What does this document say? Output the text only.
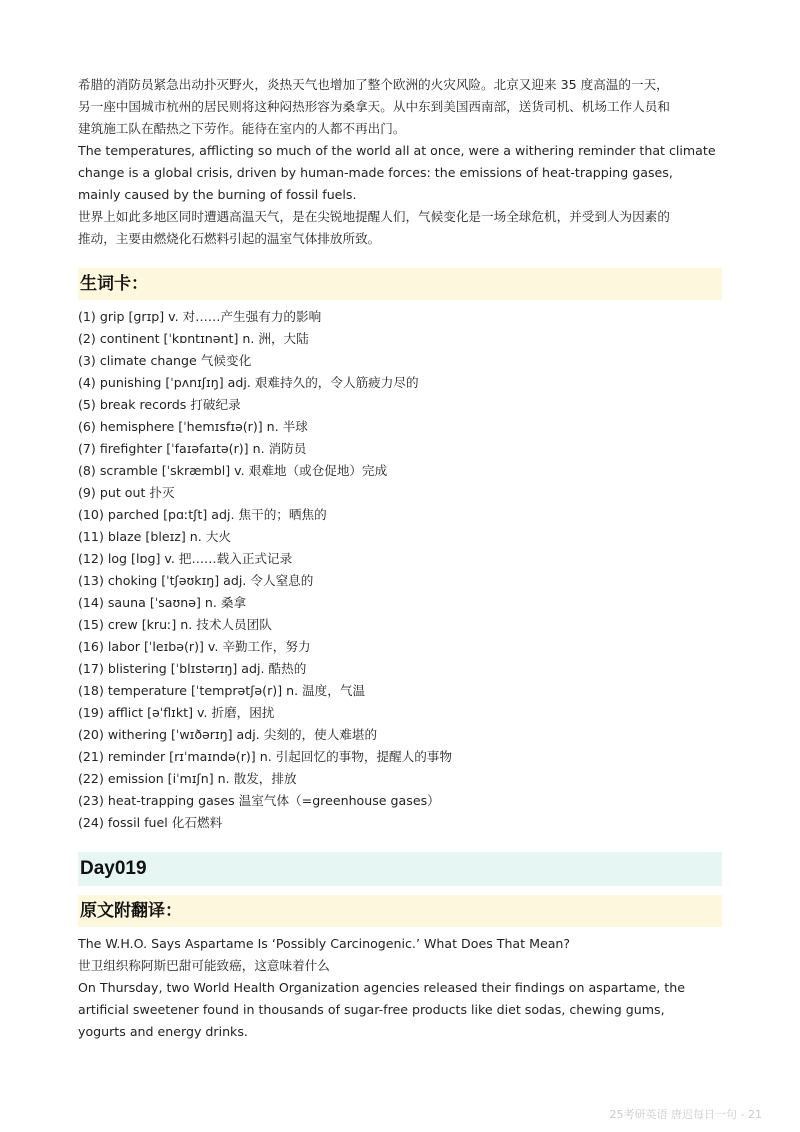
希腊的消防员紧急出动扑灭野火，炎热天气也增加了整个欧洲的火灾风险。北京又迎来 35 度高温的一天，
另一座中国城市杭州的居民则将这种闷热形容为桑拿天。从中东到美国西南部，送货司机、机场工作人员和
建筑施工队在酷热之下劳作。能待在室内的人都不再出门。

The temperatures, afflicting so much of the world all at once, were a withering reminder that climate
change is a global crisis, driven by human-made forces: the emissions of heat-trapping gases,
mainly caused by the burning of fossil fuels.

世界上如此多地区同时遭遇高温天气，是在尖锐地提醒人们，气候变化是一场全球危机，并受到人为因素的
推动，主要由燃烧化石燃料引起的温室气体排放所致。

生词卡：
(1) grip [ɡrɪp] v. 对……产生强有力的影响
(2) continent [ˈkɒntɪnənt] n. 洲，大陆
(3) climate change 气候变化
(4) punishing [ˈpʌnɪʃɪŋ] adj. 艰难持久的，令人筋疲力尽的
(5) break records 打破纪录
(6) hemisphere [ˈhemɪsfɪə(r)] n. 半球
(7) firefighter [ˈfaɪəfaɪtə(r)] n. 消防员
(8) scramble [ˈskræmbl] v. 艰难地（或仓促地）完成
(9) put out 扑灭
(10) parched [pɑːtʃt] adj. 焦干的；晒焦的
(11) blaze [bleɪz] n. 大火
(12) log [lɒɡ] v. 把……载入正式记录
(13) choking [ˈtʃəʊkɪŋ] adj. 令人窒息的
(14) sauna [ˈsaʊnə] n. 桑拿
(15) crew [kruː] n. 技术人员团队
(16) labor [ˈleɪbə(r)] v. 辛勤工作，努力
(17) blistering [ˈblɪstərɪŋ] adj. 酷热的
(18) temperature [ˈtemprətʃə(r)] n. 温度，气温
(19) afflict [əˈflɪkt] v. 折磨，困扰
(20) withering [ˈwɪðərɪŋ] adj. 尖刻的，使人难堪的
(21) reminder [rɪˈmaɪndə(r)] n. 引起回忆的事物，提醒人的事物
(22) emission [iˈmɪʃn] n. 散发，排放
(23) heat-trapping gases 温室气体（=greenhouse gases）
(24) fossil fuel 化石燃料
Day019
原文附翻译：

The W.H.O. Says Aspartame Is ‘Possibly Carcinogenic.’ What Does That Mean?

世卫组织称阿斯巴甜可能致癌，这意味着什么

On Thursday, two World Health Organization agencies released their findings on aspartame, the
artificial sweetener found in thousands of sugar-free products like diet sodas, chewing gums,
yogurts and energy drinks.

25考研英语 唐迟每日一句 - 21
